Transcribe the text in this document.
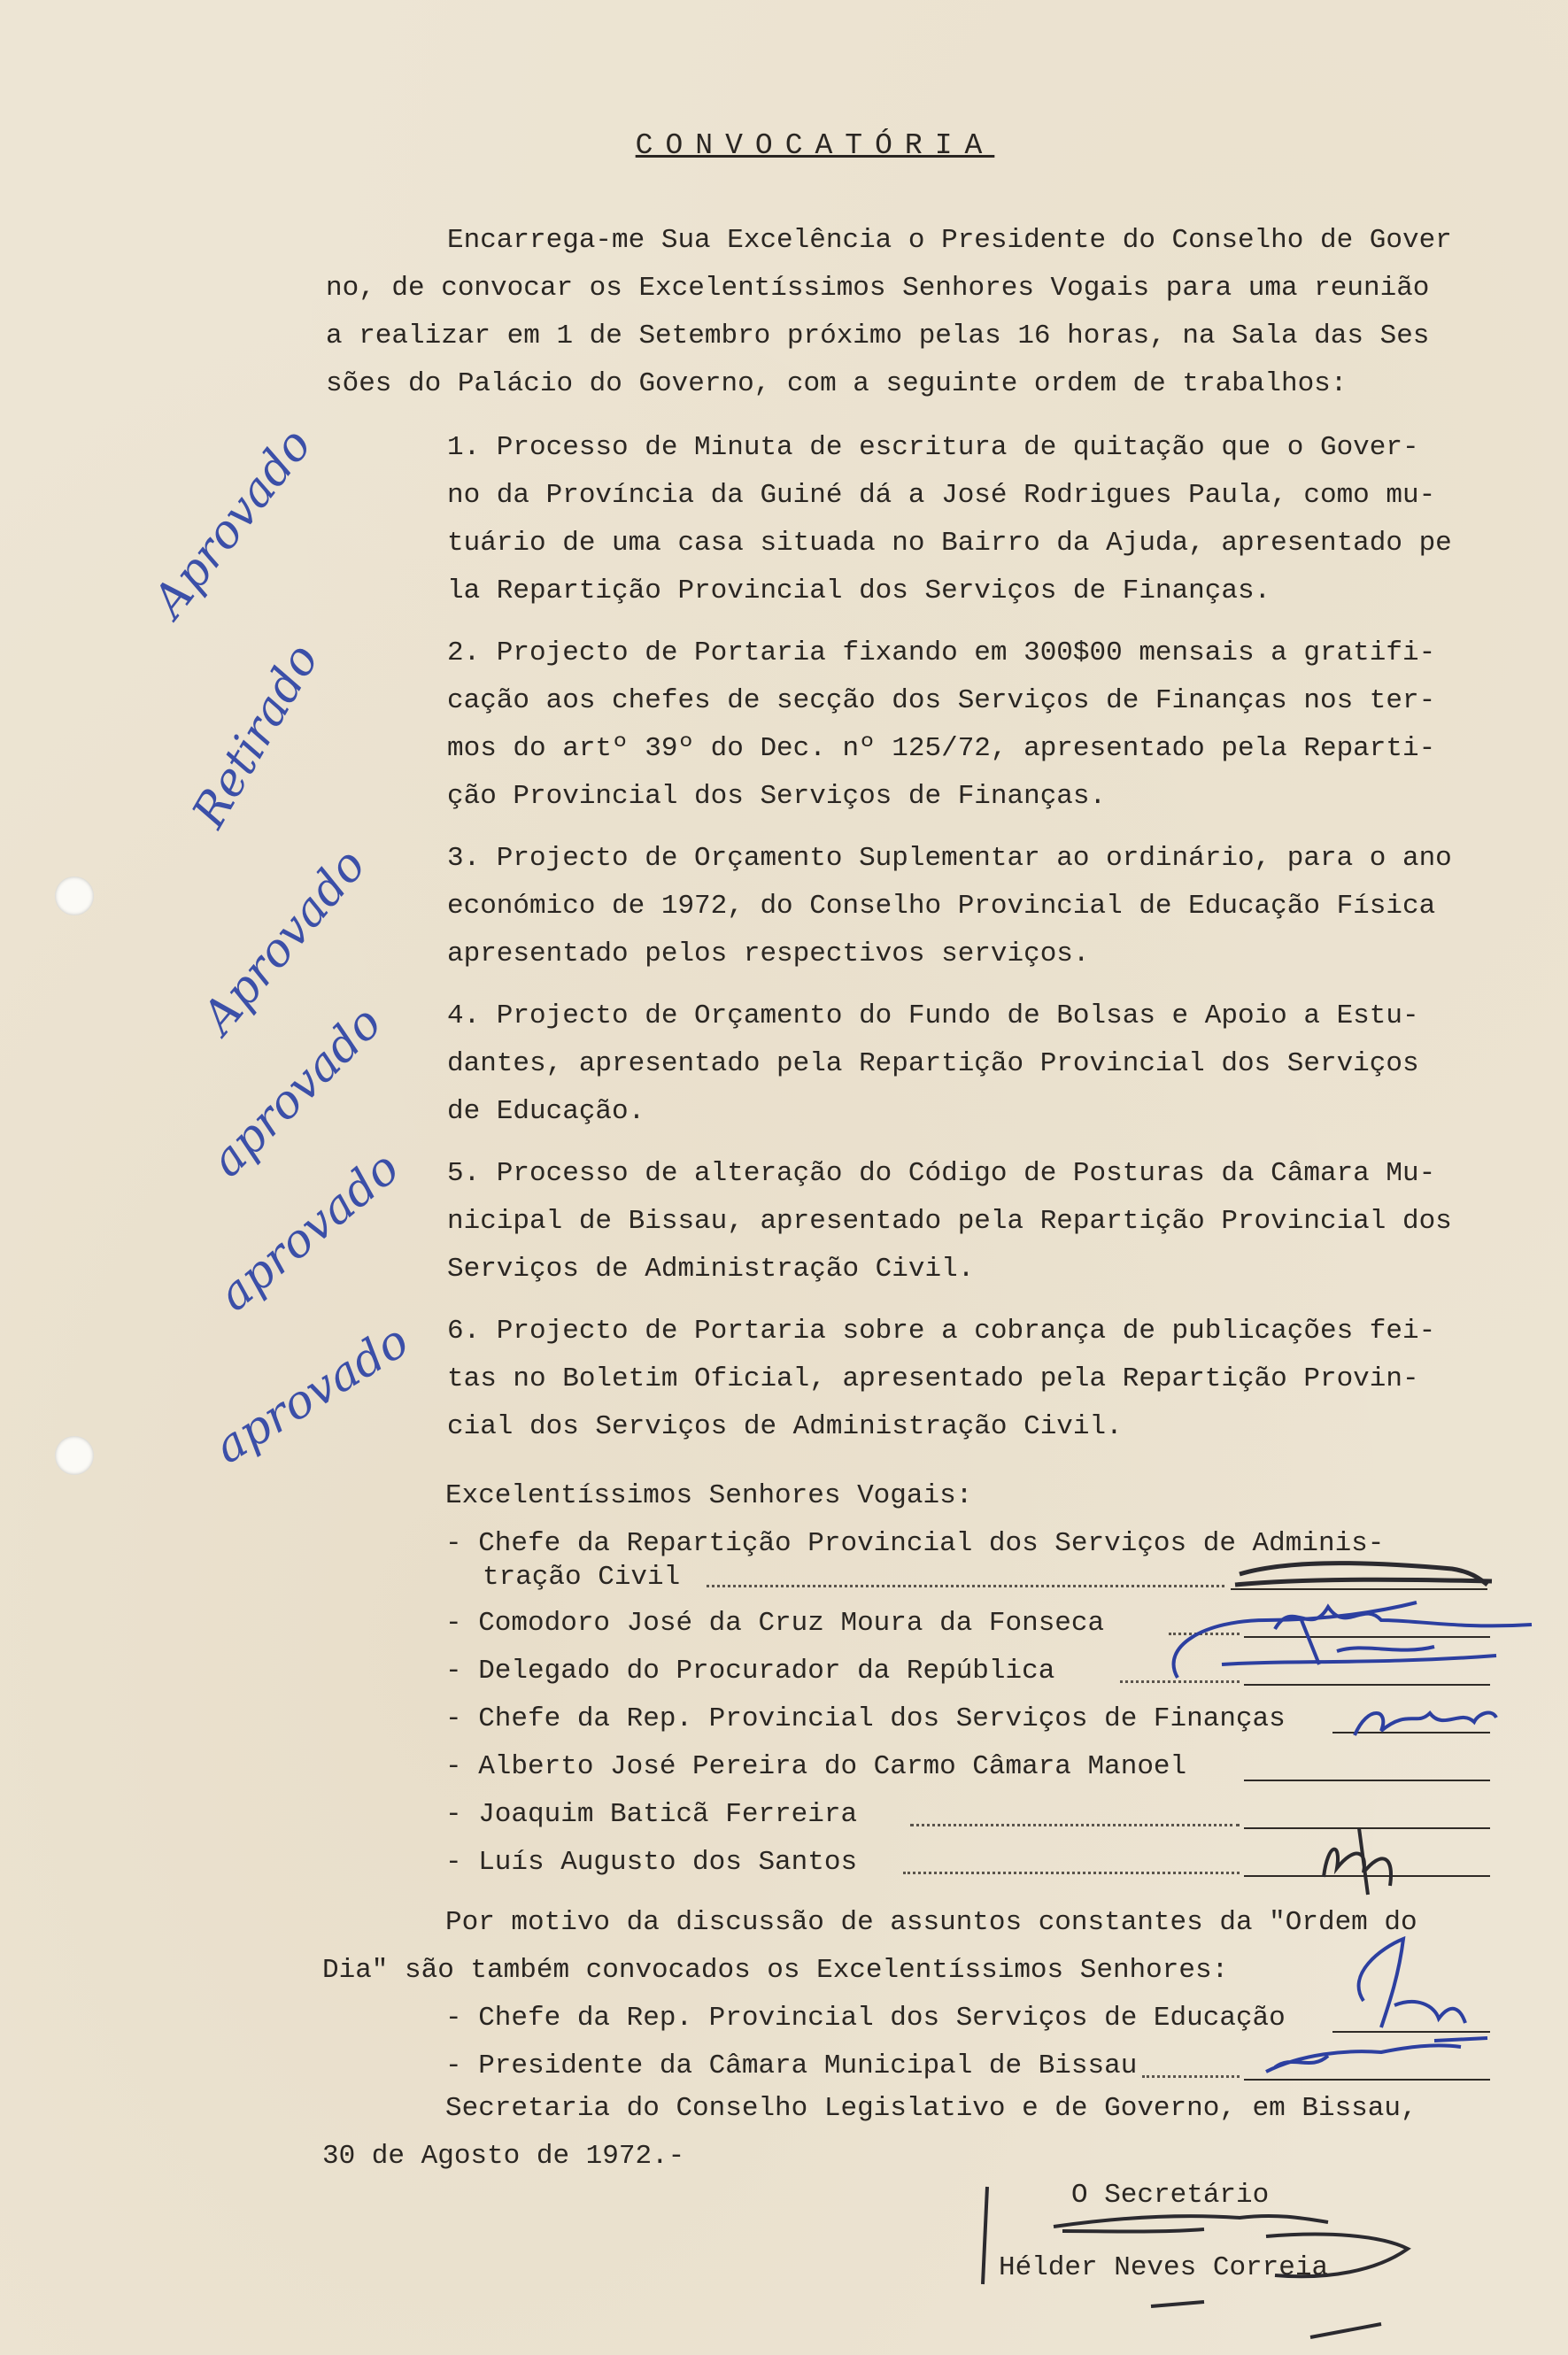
CONVOCATÓRIA
Encarrega-me Sua Excelência o Presidente do Conselho de Gover
no, de convocar os Excelentíssimos Senhores Vogais para uma reunião
a realizar em 1 de Setembro próximo pelas 16 horas, na Sala das Ses
sões do Palácio do Governo, com a seguinte ordem de trabalhos:
1. Processo de Minuta de escritura de quitação que o Gover-
no da Província da Guiné dá a José Rodrigues Paula, como mu-
tuário de uma casa situada no Bairro da Ajuda, apresentado pe
la Repartição Provincial dos Serviços de Finanças.
2. Projecto de Portaria fixando em 300$00 mensais a gratifi-
cação aos chefes de secção dos Serviços de Finanças nos ter-
mos do artº 39º do Dec. nº 125/72, apresentado pela Reparti-
ção Provincial dos Serviços de Finanças.
3. Projecto de Orçamento Suplementar ao ordinário, para o ano
económico de 1972, do Conselho Provincial de Educação Física
apresentado pelos respectivos serviços.
4. Projecto de Orçamento do Fundo de Bolsas e Apoio a Estu-
dantes, apresentado pela Repartição Provincial dos Serviços
de Educação.
5. Processo de alteração do Código de Posturas da Câmara Mu-
nicipal de Bissau, apresentado pela Repartição Provincial dos
Serviços de Administração Civil.
6. Projecto de Portaria sobre a cobrança de publicações fei-
tas no Boletim Oficial, apresentado pela Repartição Provin-
cial dos Serviços de Administração Civil.
Aprovado
Retirado
Aprovado
aprovado
aprovado
aprovado
Excelentíssimos Senhores Vogais:
- Chefe da Repartição Provincial dos Serviços de Adminis-
tração Civil
- Comodoro José da Cruz Moura da Fonseca
- Delegado do Procurador da República
- Chefe da Rep. Provincial dos Serviços de Finanças
- Alberto José Pereira do Carmo Câmara Manoel
- Joaquim Baticã Ferreira
- Luís Augusto dos Santos
Por motivo da discussão de assuntos constantes da "Ordem do
Dia" são também convocados os Excelentíssimos Senhores:
- Chefe da Rep. Provincial dos Serviços de Educação
- Presidente da Câmara Municipal de Bissau
Secretaria do Conselho Legislativo e de Governo, em Bissau,
30 de Agosto de 1972.-
O Secretário
Hélder Neves Correia
